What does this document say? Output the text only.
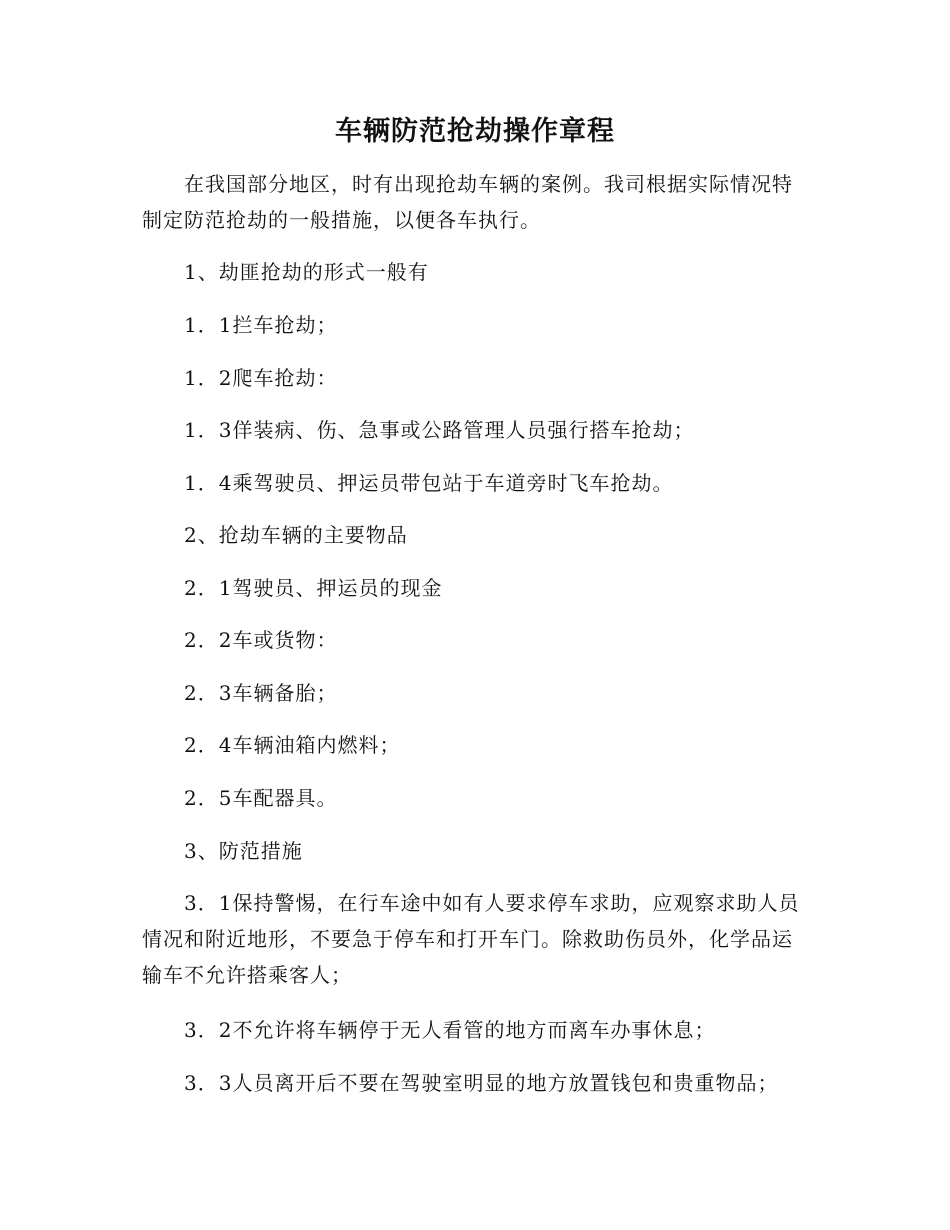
车辆防范抢劫操作章程
在我国部分地区，时有出现抢劫车辆的案例。我司根据实际情况特制定防范抢劫的一般措施，以便各车执行。
1、劫匪抢劫的形式一般有
1．1拦车抢劫；
1．2爬车抢劫：
1．3佯装病、伤、急事或公路管理人员强行搭车抢劫；
1．4乘驾驶员、押运员带包站于车道旁时飞车抢劫。
2、抢劫车辆的主要物品
2．1驾驶员、押运员的现金
2．2车或货物：
2．3车辆备胎；
2．4车辆油箱内燃料；
2．5车配器具。
3、防范措施
3．1保持警惕，在行车途中如有人要求停车求助，应观察求助人员情况和附近地形，不要急于停车和打开车门。除救助伤员外，化学品运输车不允许搭乘客人；
3．2不允许将车辆停于无人看管的地方而离车办事休息；
3．3人员离开后不要在驾驶室明显的地方放置钱包和贵重物品；
